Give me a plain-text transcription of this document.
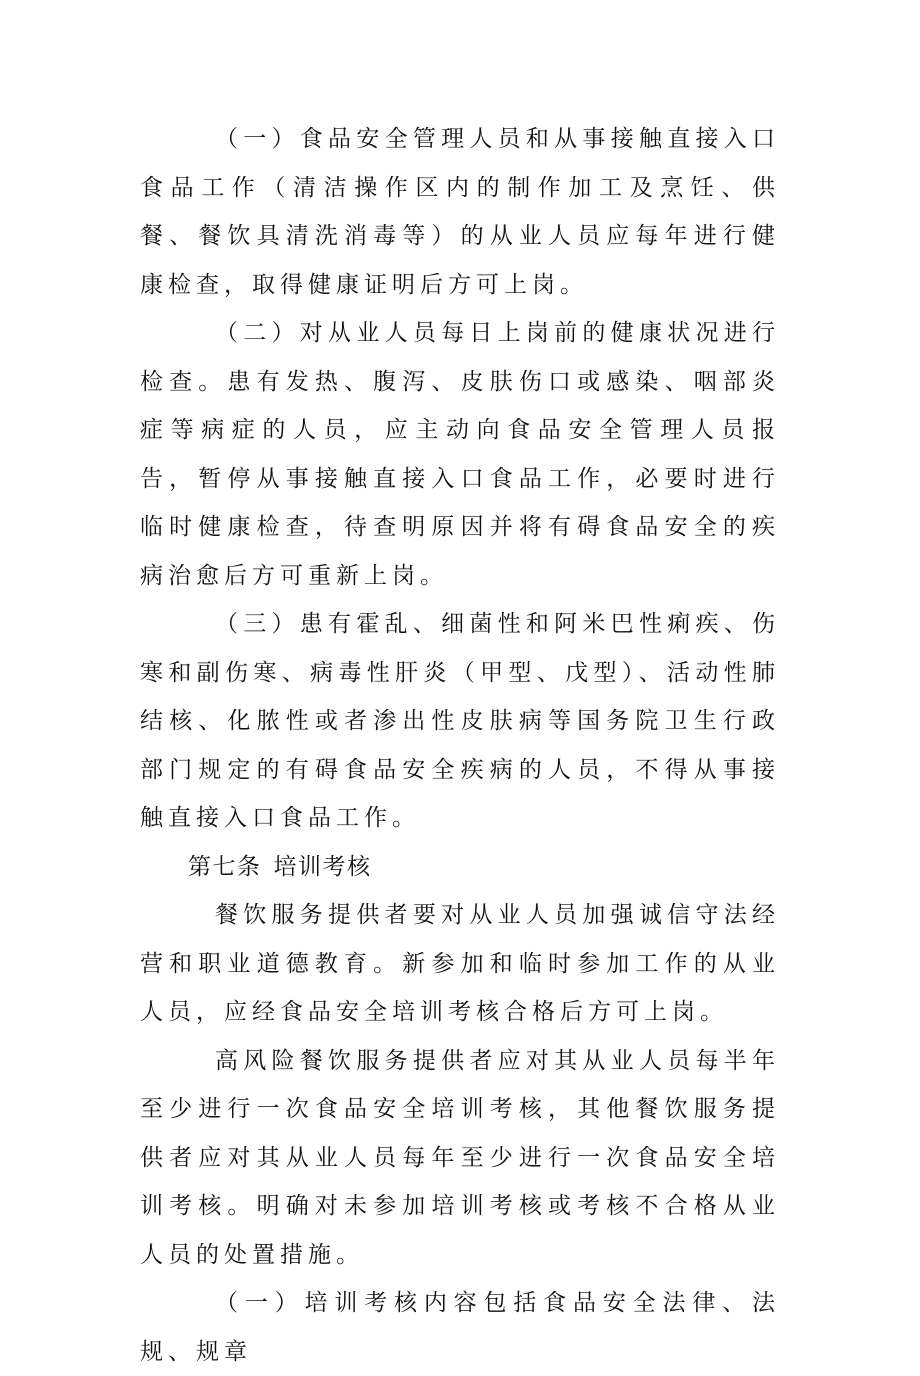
（一）食品安全管理人员和从事接触直接入口食品工作（清洁操作区内的制作加工及烹饪、供餐、餐饮具清洗消毒等）的从业人员应每年进行健康检查，取得健康证明后方可上岗。

（二）对从业人员每日上岗前的健康状况进行检查。患有发热、腹泻、皮肤伤口或感染、咽部炎症等病症的人员，应主动向食品安全管理人员报告，暂停从事接触直接入口食品工作，必要时进行临时健康检查，待查明原因并将有碍食品安全的疾病治愈后方可重新上岗。

（三）患有霍乱、细菌性和阿米巴性痢疾、伤寒和副伤寒、病毒性肝炎（甲型、戊型）、活动性肺结核、化脓性或者渗出性皮肤病等国务院卫生行政部门规定的有碍食品安全疾病的人员，不得从事接触直接入口食品工作。

第七条 培训考核

餐饮服务提供者要对从业人员加强诚信守法经营和职业道德教育。新参加和临时参加工作的从业人员，应经食品安全培训考核合格后方可上岗。

高风险餐饮服务提供者应对其从业人员每半年至少进行一次食品安全培训考核，其他餐饮服务提供者应对其从业人员每年至少进行一次食品安全培训考核。明确对未参加培训考核或考核不合格从业人员的处置措施。

（一）培训考核内容包括食品安全法律、法规、规章
